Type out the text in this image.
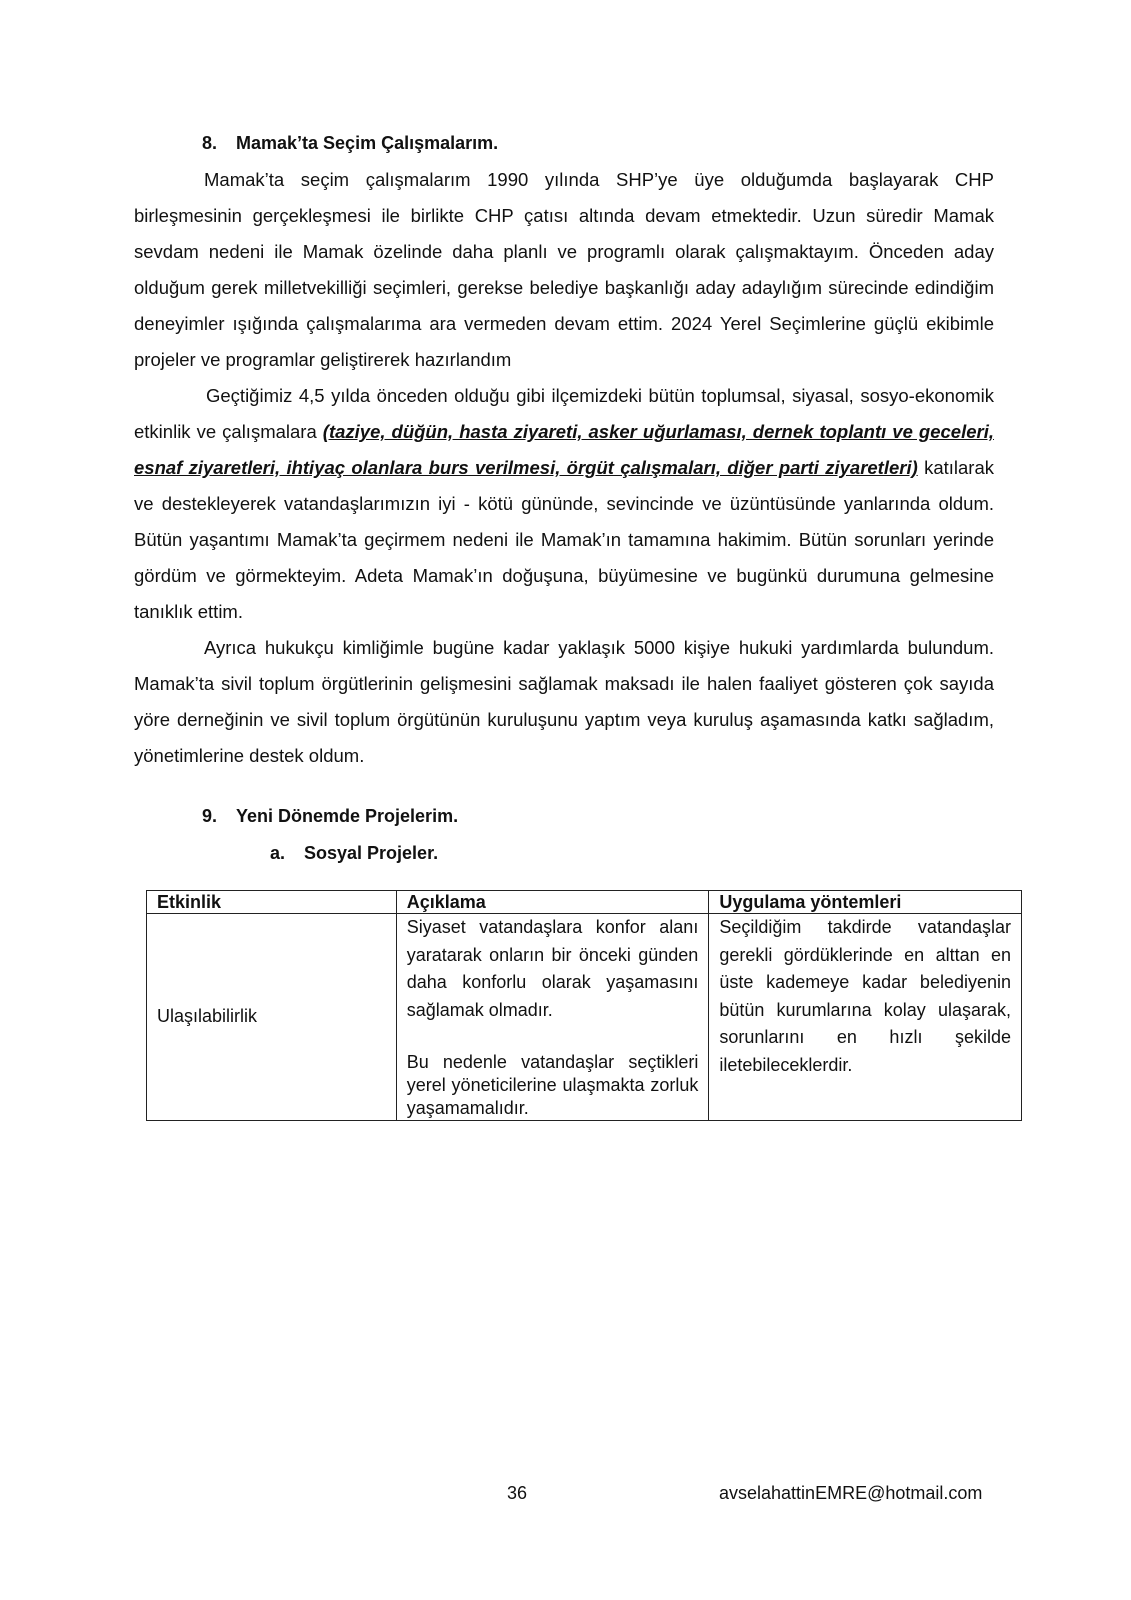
8. Mamak’ta Seçim Çalışmalarım.

Mamak’ta seçim çalışmalarım 1990 yılında SHP’ye üye olduğumda başlayarak CHP birleşmesinin gerçekleşmesi ile birlikte CHP çatısı altında devam etmektedir. Uzun süredir Mamak sevdam nedeni ile Mamak özelinde daha planlı ve programlı olarak çalışmaktayım. Önceden aday olduğum gerek milletvekilliği seçimleri, gerekse belediye başkanlığı aday adaylığım sürecinde edindiğim deneyimler ışığında çalışmalarıma ara vermeden devam ettim. 2024 Yerel Seçimlerine güçlü ekibimle projeler ve programlar geliştirerek hazırlandım

Geçtiğimiz 4,5 yılda önceden olduğu gibi ilçemizdeki bütün toplumsal, siyasal, sosyo-ekonomik etkinlik ve çalışmalara (taziye, düğün, hasta ziyareti, asker uğurlaması, dernek toplantı ve geceleri, esnaf ziyaretleri, ihtiyaç olanlara burs verilmesi, örgüt çalışmaları, diğer parti ziyaretleri) katılarak ve destekleyerek vatandaşlarımızın iyi - kötü gününde, sevincinde ve üzüntüsünde yanlarında oldum. Bütün yaşantımı Mamak’ta geçirmem nedeni ile Mamak’ın tamamına hakimim. Bütün sorunları yerinde gördüm ve görmekteyim. Adeta Mamak’ın doğuşuna, büyümesine ve bugünkü durumuna gelmesine tanıklık ettim.

Ayrıca hukukçu kimliğimle bugüne kadar yaklaşık 5000 kişiye hukuki yardımlarda bulundum. Mamak’ta sivil toplum örgütlerinin gelişmesini sağlamak maksadı ile halen faaliyet gösteren çok sayıda yöre derneğinin ve sivil toplum örgütünün kuruluşunu yaptım veya kuruluş aşamasında katkı sağladım, yönetimlerine destek oldum.

9. Yeni Dönemde Projelerim.
a. Sosyal Projeler.
Etkinlik	Açıklama	Uygulama yöntemleri
Ulaşılabilirlik	Siyaset vatandaşlara konfor alanı yaratarak onların bir önceki günden daha konforlu olarak yaşamasını sağlamak olmadır.
Bu nedenle vatandaşlar seçtikleri yerel yöneticilerine ulaşmakta zorluk yaşamamalıdır.	Seçildiğim takdirde vatandaşlar gerekli gördüklerinde en alttan en üste kademeye kadar belediyenin bütün kurumlarına kolay ulaşarak, sorunlarını en hızlı şekilde iletebileceklerdir.
36	avselahattinEMRE@hotmail.com
